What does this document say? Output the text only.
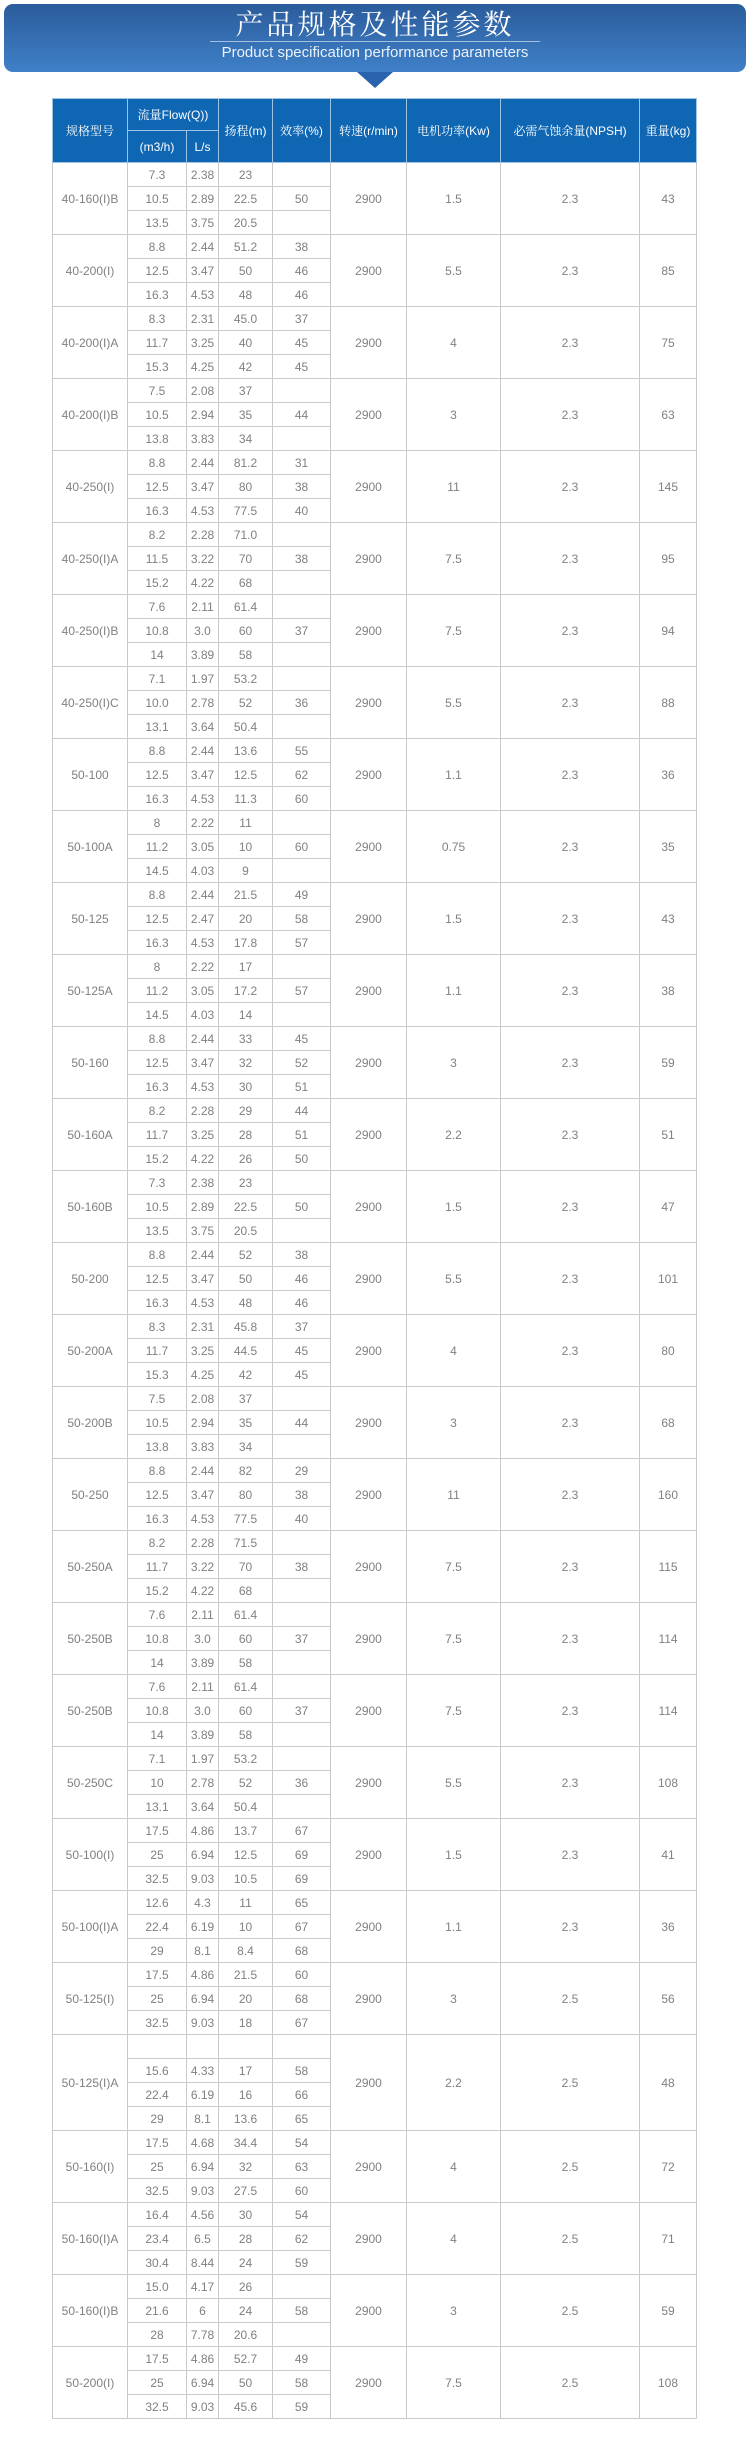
产品规格及性能参数
Product specification performance parameters
规格型号	流量Flow(Q))		扬程(m)	效率(%)	转速(r/min)	电机功率(Kw)	必需气蚀余量(NPSH)	重量(kg)
	(m3/h)	L/s						
40-160(I)B	7.3	2.38	23		2900	1.5	2.3	43
	10.5	2.89	22.5	50				
	13.5	3.75	20.5					
40-200(I)	8.8	2.44	51.2	38	2900	5.5	2.3	85
	12.5	3.47	50	46				
	16.3	4.53	48	46				
40-200(I)A	8.3	2.31	45.0	37	2900	4	2.3	75
	11.7	3.25	40	45				
	15.3	4.25	42	45				
40-200(I)B	7.5	2.08	37		2900	3	2.3	63
	10.5	2.94	35	44				
	13.8	3.83	34					
40-250(I)	8.8	2.44	81.2	31	2900	11	2.3	145
	12.5	3.47	80	38				
	16.3	4.53	77.5	40				
40-250(I)A	8.2	2.28	71.0		2900	7.5	2.3	95
	11.5	3.22	70	38				
	15.2	4.22	68					
40-250(I)B	7.6	2.11	61.4		2900	7.5	2.3	94
	10.8	3.0	60	37				
	14	3.89	58					
40-250(I)C	7.1	1.97	53.2		2900	5.5	2.3	88
	10.0	2.78	52	36				
	13.1	3.64	50.4					
50-100	8.8	2.44	13.6	55	2900	1.1	2.3	36
	12.5	3.47	12.5	62				
	16.3	4.53	11.3	60				
50-100A	8	2.22	11		2900	0.75	2.3	35
	11.2	3.05	10	60				
	14.5	4.03	9					
50-125	8.8	2.44	21.5	49	2900	1.5	2.3	43
	12.5	2.47	20	58				
	16.3	4.53	17.8	57				
50-125A	8	2.22	17		2900	1.1	2.3	38
	11.2	3.05	17.2	57				
	14.5	4.03	14					
50-160	8.8	2.44	33	45	2900	3	2.3	59
	12.5	3.47	32	52				
	16.3	4.53	30	51				
50-160A	8.2	2.28	29	44	2900	2.2	2.3	51
	11.7	3.25	28	51				
	15.2	4.22	26	50				
50-160B	7.3	2.38	23		2900	1.5	2.3	47
	10.5	2.89	22.5	50				
	13.5	3.75	20.5					
50-200	8.8	2.44	52	38	2900	5.5	2.3	101
	12.5	3.47	50	46				
	16.3	4.53	48	46				
50-200A	8.3	2.31	45.8	37	2900	4	2.3	80
	11.7	3.25	44.5	45				
	15.3	4.25	42	45				
50-200B	7.5	2.08	37		2900	3	2.3	68
	10.5	2.94	35	44				
	13.8	3.83	34					
50-250	8.8	2.44	82	29	2900	11	2.3	160
	12.5	3.47	80	38				
	16.3	4.53	77.5	40				
50-250A	8.2	2.28	71.5		2900	7.5	2.3	115
	11.7	3.22	70	38				
	15.2	4.22	68					
50-250B	7.6	2.11	61.4		2900	7.5	2.3	114
	10.8	3.0	60	37				
	14	3.89	58					
50-250B	7.6	2.11	61.4		2900	7.5	2.3	114
	10.8	3.0	60	37				
	14	3.89	58					
50-250C	7.1	1.97	53.2		2900	5.5	2.3	108
	10	2.78	52	36				
	13.1	3.64	50.4					
50-100(I)	17.5	4.86	13.7	67	2900	1.5	2.3	41
	25	6.94	12.5	69				
	32.5	9.03	10.5	69				
50-100(I)A	12.6	4.3	11	65	2900	1.1	2.3	36
	22.4	6.19	10	67				
	29	8.1	8.4	68				
50-125(I)	17.5	4.86	21.5	60	2900	3	2.5	56
	25	6.94	20	68				
	32.5	9.03	18	67				
50-125(I)A					2900	2.2	2.5	48
	15.6	4.33	17	58				
	22.4	6.19	16	66				
	29	8.1	13.6	65				
50-160(I)	17.5	4.68	34.4	54	2900	4	2.5	72
	25	6.94	32	63				
	32.5	9.03	27.5	60				
50-160(I)A	16.4	4.56	30	54	2900	4	2.5	71
	23.4	6.5	28	62				
	30.4	8.44	24	59				
50-160(I)B	15.0	4.17	26		2900	3	2.5	59
	21.6	6	24	58				
	28	7.78	20.6					
50-200(I)	17.5	4.86	52.7	49	2900	7.5	2.5	108
	25	6.94	50	58				
	32.5	9.03	45.6	59				
